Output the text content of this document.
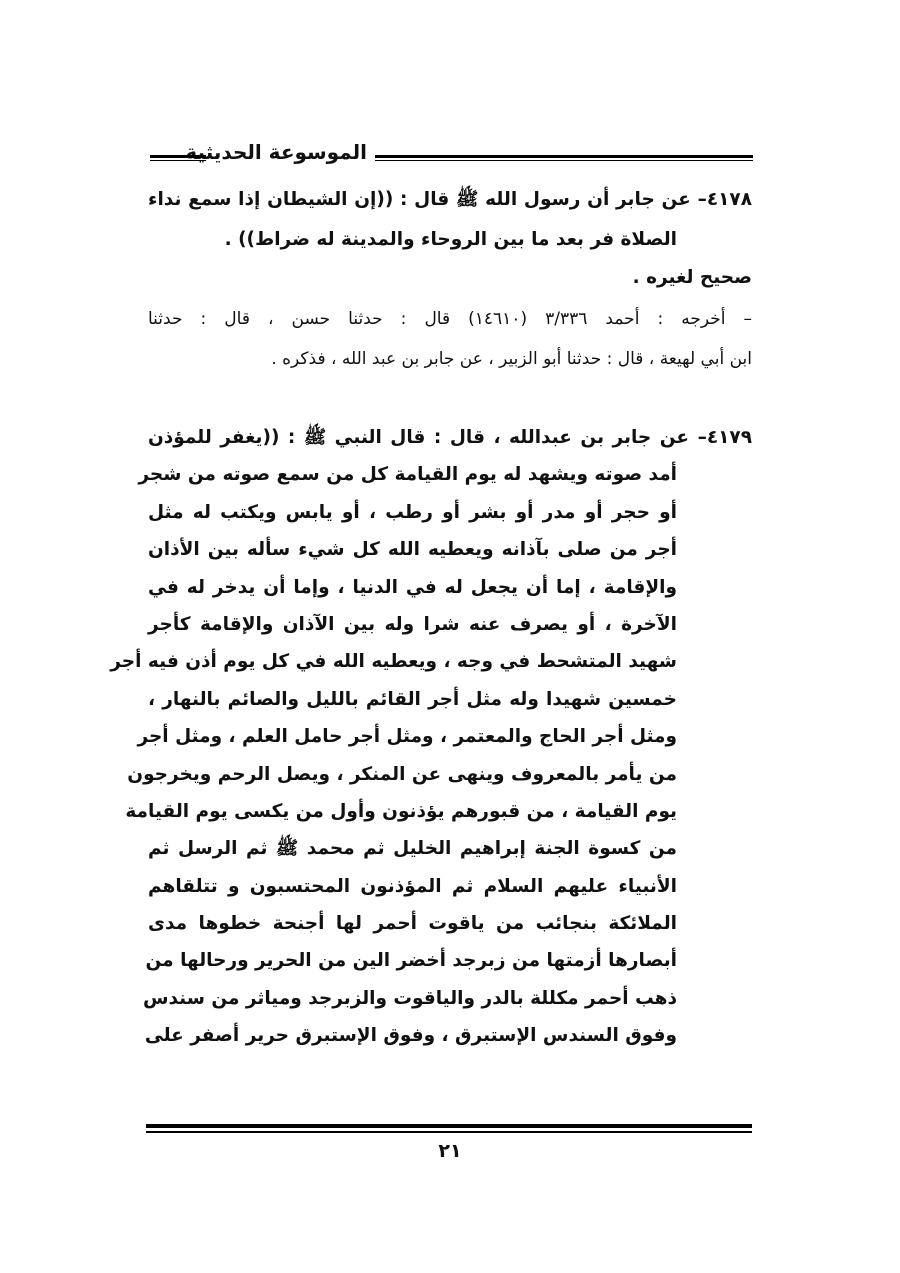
الموسوعة الحديثية
٤١٧٨– عن جابر أن رسول الله ﷺ قال : ((إن الشيطان إذا سمع نداء
الصلاة فر بعد ما بين الروحاء والمدينة له ضراط)) .
صحيح لغيره .
– أخرجه : أحمد ٣/٣٣٦ (١٤٦١٠) قال : حدثنا حسن ، قال : حدثنا
ابن أبي لهيعة ، قال : حدثنا أبو الزبير ، عن جابر بن عبد الله ، فذكره .
٤١٧٩– عن جابر بن عبدالله ، قال : قال النبي ﷺ : ((يغفر للمؤذن
أمد صوته ويشهد له يوم القيامة كل من سمع صوته من شجر
أو حجر أو مدر أو بشر أو رطب ، أو يابس ويكتب له مثل
أجر من صلى بآذانه ويعطيه الله كل شيء سأله بين الأذان
والإقامة ، إما أن يجعل له في الدنيا ، وإما أن يدخر له في
الآخرة ، أو يصرف عنه شرا وله بين الآذان والإقامة كأجر
شهيد المتشحط في وجه ، ويعطيه الله في كل يوم أذن فيه أجر
خمسين شهيدا وله مثل أجر القائم بالليل والصائم بالنهار ،
ومثل أجر الحاج والمعتمر ، ومثل أجر حامل العلم ، ومثل أجر
من يأمر بالمعروف وينهى عن المنكر ، ويصل الرحم ويخرجون
يوم القيامة ، من قبورهم يؤذنون وأول من يكسى يوم القيامة
من كسوة الجنة إبراهيم الخليل ثم محمد ﷺ ثم الرسل ثم
الأنبياء عليهم السلام ثم المؤذنون المحتسبون و تتلقاهم
الملائكة بنجائب من ياقوت أحمر لها أجنحة خطوها مدى
أبصارها أزمتها من زبرجد أخضر الين من الحرير ورحالها من
ذهب أحمر مكللة بالدر والياقوت والزبرجد ومياثر من سندس
وفوق السندس الإستبرق ، وفوق الإستبرق حرير أصفر على
٢١
